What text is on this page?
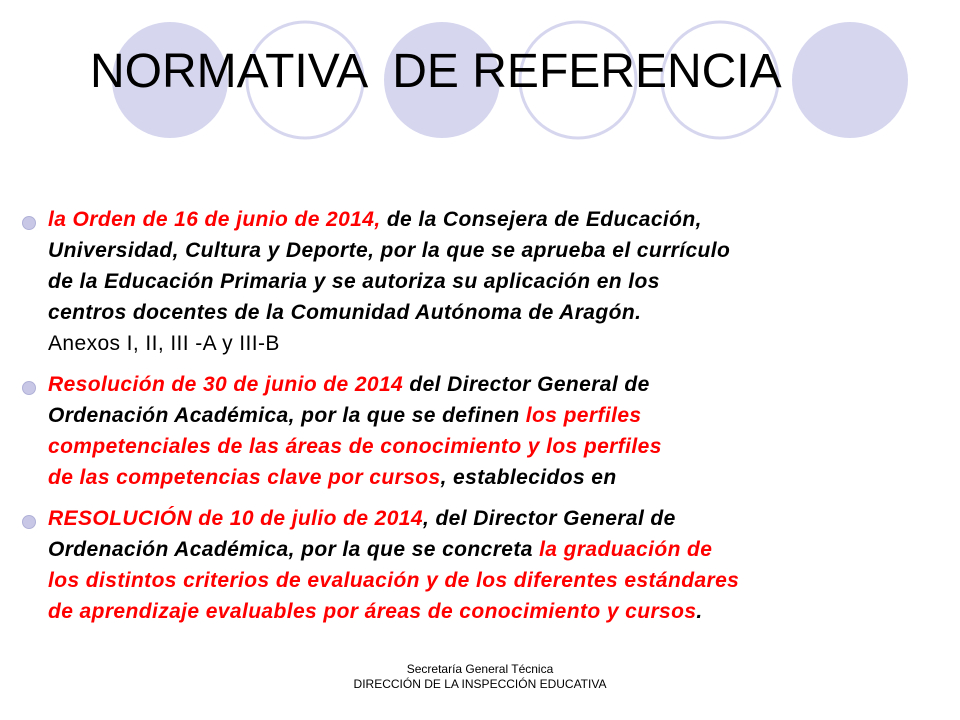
NORMATIVA  DE REFERENCIA
la Orden de 16 de junio de 2014, de la Consejera de Educación,
Universidad, Cultura y Deporte, por la que se aprueba el currículo
de la Educación Primaria y se autoriza su aplicación en los
centros docentes de la Comunidad Autónoma de Aragón.
Anexos I, II, III -A y III-B
Resolución de 30 de junio de 2014 del Director General de
Ordenación Académica, por la que se definen los perfiles
competenciales de las áreas de conocimiento y los perfiles
de las competencias clave por cursos, establecidos en
RESOLUCIÓN de 10 de julio de 2014, del Director General de
Ordenación Académica, por la que se concreta la graduación de
los distintos criterios de evaluación y de los diferentes estándares
de aprendizaje evaluables por áreas de conocimiento y cursos.
Secretaría General Técnica
DIRECCIÓN DE LA INSPECCIÓN EDUCATIVA
